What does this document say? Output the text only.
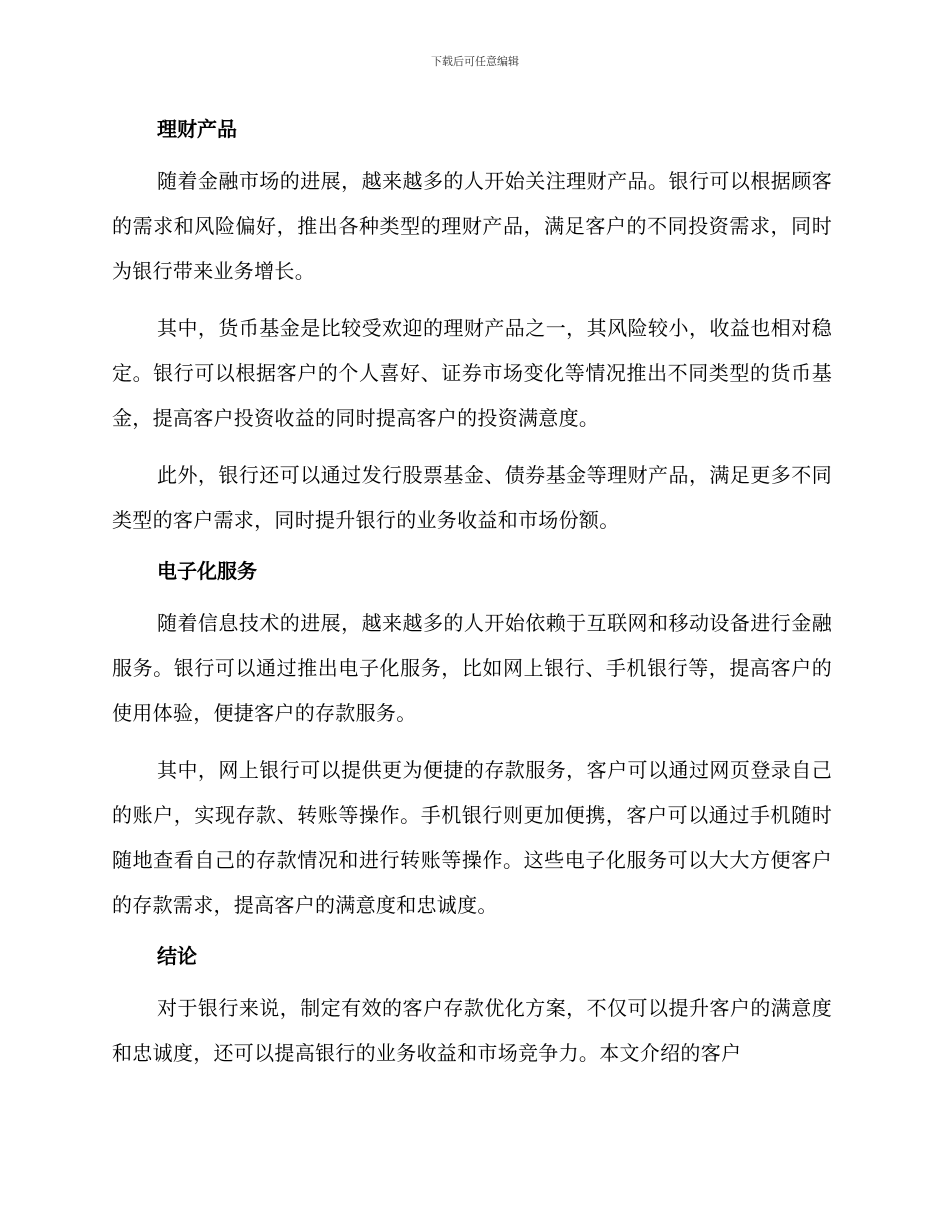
下载后可任意编辑
理财产品

随着金融市场的进展，越来越多的人开始关注理财产品。银行可以根据顾客的需求和风险偏好，推出各种类型的理财产品，满足客户的不同投资需求，同时为银行带来业务增长。

其中，货币基金是比较受欢迎的理财产品之一，其风险较小，收益也相对稳定。银行可以根据客户的个人喜好、证券市场变化等情况推出不同类型的货币基金，提高客户投资收益的同时提高客户的投资满意度。

此外，银行还可以通过发行股票基金、债券基金等理财产品，满足更多不同类型的客户需求，同时提升银行的业务收益和市场份额。

电子化服务

随着信息技术的进展，越来越多的人开始依赖于互联网和移动设备进行金融服务。银行可以通过推出电子化服务，比如网上银行、手机银行等，提高客户的使用体验，便捷客户的存款服务。

其中，网上银行可以提供更为便捷的存款服务，客户可以通过网页登录自己的账户，实现存款、转账等操作。手机银行则更加便携，客户可以通过手机随时随地查看自己的存款情况和进行转账等操作。这些电子化服务可以大大方便客户的存款需求，提高客户的满意度和忠诚度。

结论

对于银行来说，制定有效的客户存款优化方案，不仅可以提升客户的满意度和忠诚度，还可以提高银行的业务收益和市场竞争力。本文介绍的客户
